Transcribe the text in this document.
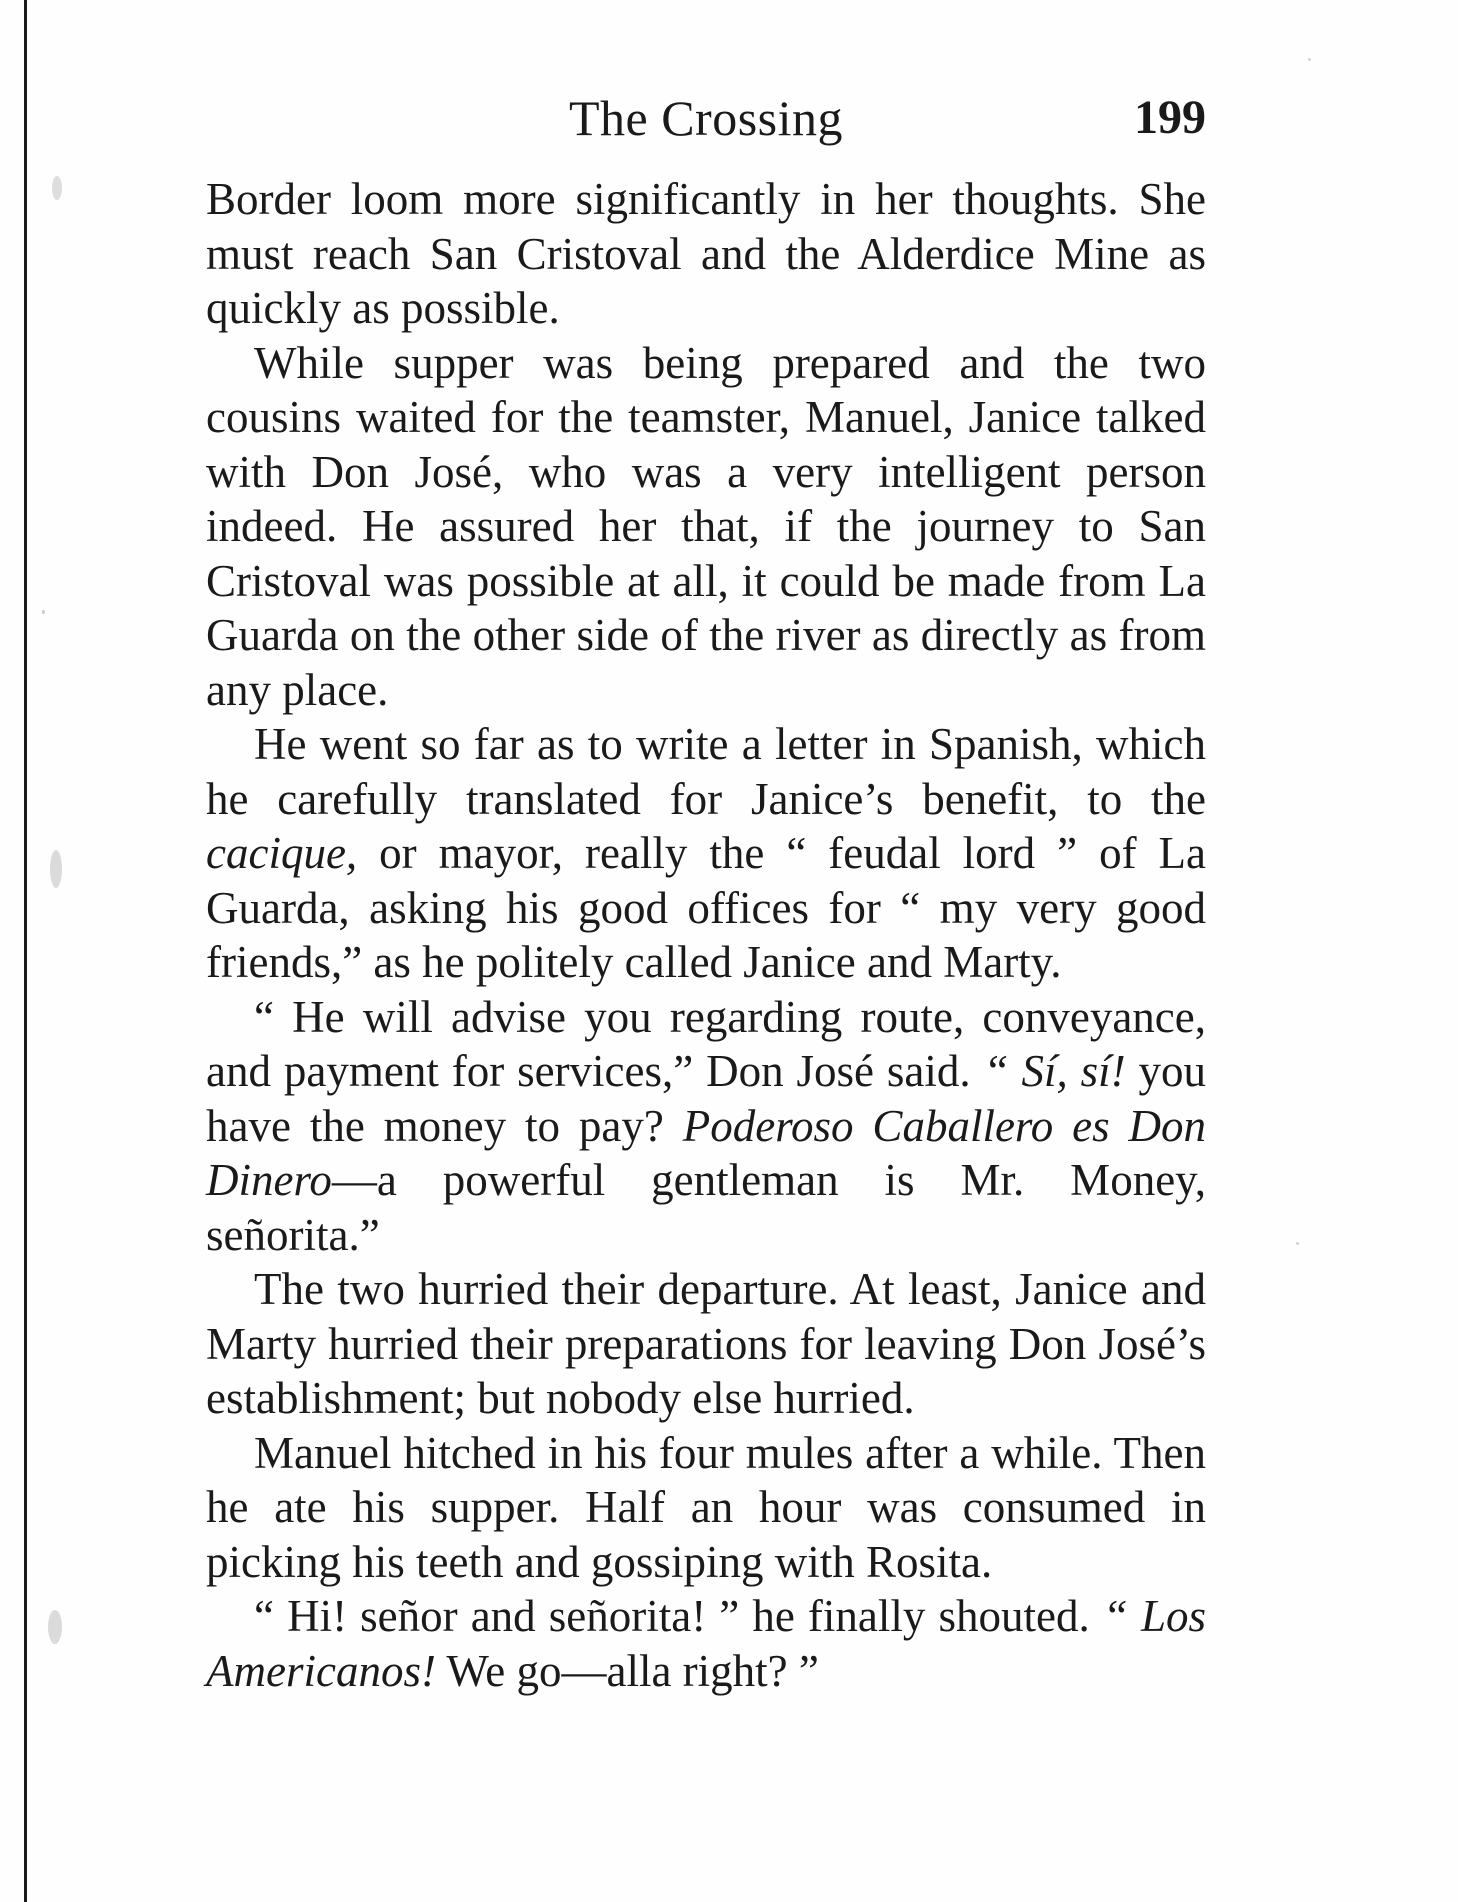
The Crossing	199

Border loom more significantly in her thoughts. She must reach San Cristoval and the Alderdice Mine as quickly as possible.

While supper was being prepared and the two cousins waited for the teamster, Manuel, Janice talked with Don José, who was a very intelligent person indeed. He assured her that, if the journey to San Cristoval was possible at all, it could be made from La Guarda on the other side of the river as directly as from any place.

He went so far as to write a letter in Spanish, which he carefully translated for Janice’s benefit, to the cacique, or mayor, really the “ feudal lord ” of La Guarda, asking his good offices for “ my very good friends,” as he politely called Janice and Marty.

“ He will advise you regarding route, conveyance, and payment for services,” Don José said. “ Sí, sí! you have the money to pay? Poderoso Caballero es Don Dinero—a powerful gentleman is Mr. Money, señorita.”

The two hurried their departure. At least, Janice and Marty hurried their preparations for leaving Don José’s establishment; but nobody else hurried.

Manuel hitched in his four mules after a while. Then he ate his supper. Half an hour was consumed in picking his teeth and gossiping with Rosita.

“ Hi! señor and señorita! ” he finally shouted. “ Los Americanos! We go—alla right? ”
